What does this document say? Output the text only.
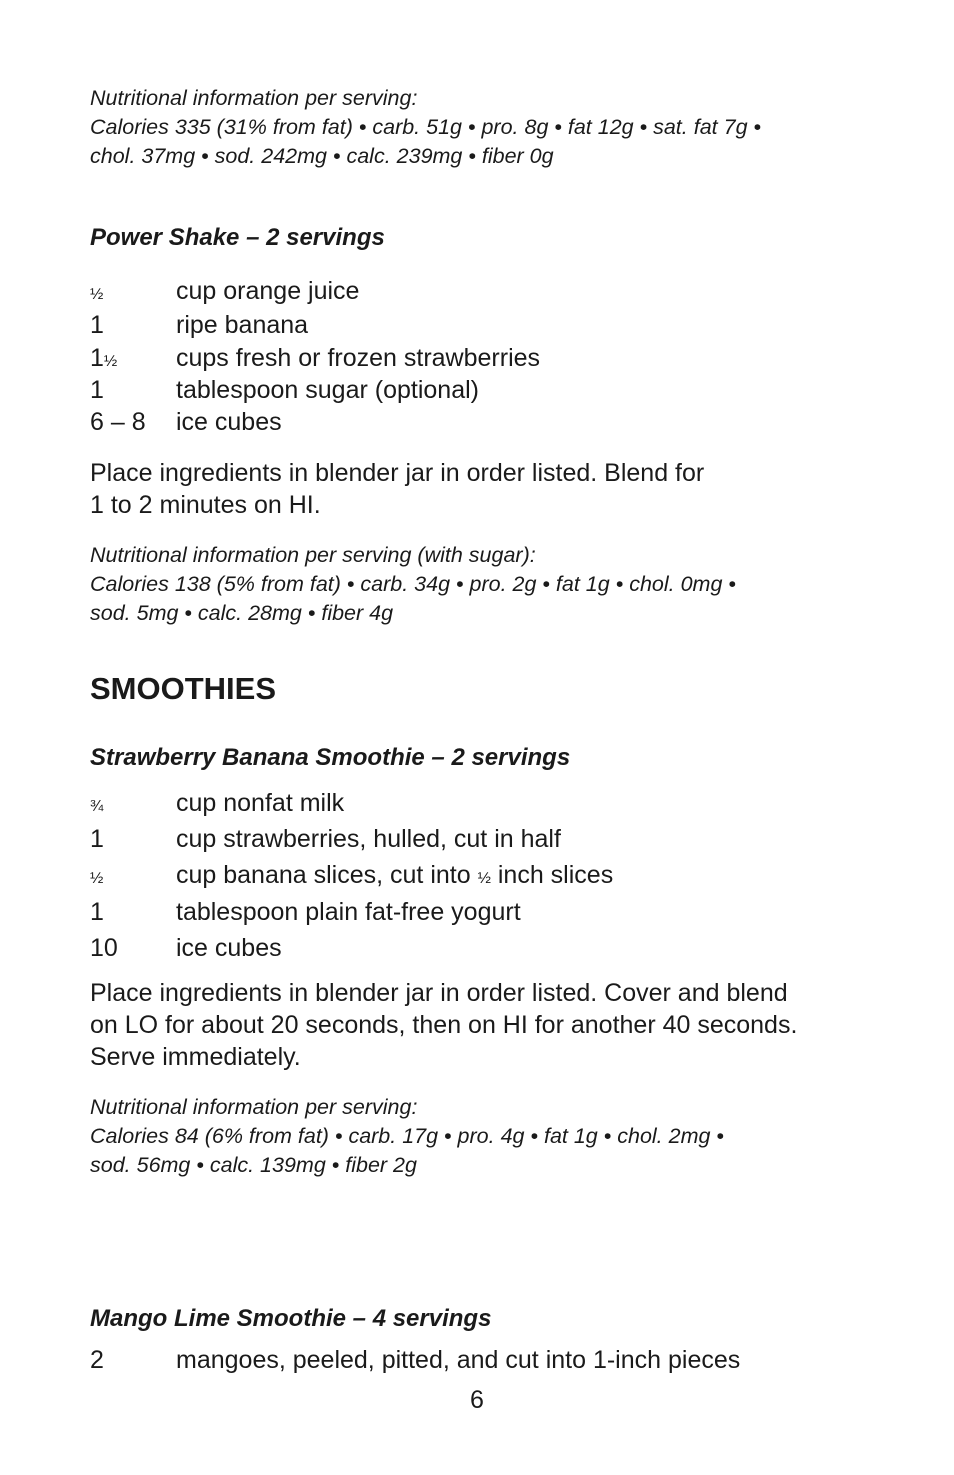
Nutritional information per serving:
Calories 335 (31% from fat) • carb. 51g • pro. 8g • fat 12g • sat. fat 7g •
chol. 37mg • sod. 242mg • calc. 239mg • fiber 0g
Power Shake – 2 servings
½	cup orange juice
1	ripe banana
1½	cups fresh or frozen strawberries
1	tablespoon sugar (optional)
6 – 8	ice cubes
Place ingredients in blender jar in order listed. Blend for
1 to 2 minutes on HI.
Nutritional information per serving (with sugar):
Calories 138 (5% from fat) • carb. 34g • pro. 2g • fat 1g • chol. 0mg •
sod. 5mg • calc. 28mg • fiber 4g
SMOOTHIES
Strawberry Banana Smoothie – 2 servings
¾	cup nonfat milk
1	cup strawberries, hulled, cut in half
½	cup banana slices, cut into ½ inch slices
1	tablespoon plain fat-free yogurt
10	ice cubes
Place ingredients in blender jar in order listed. Cover and blend
on LO for about 20 seconds, then on HI for another 40 seconds.
Serve immediately.
Nutritional information per serving:
Calories 84 (6% from fat) • carb. 17g • pro. 4g • fat 1g • chol. 2mg •
sod. 56mg • calc. 139mg • fiber 2g
Mango Lime Smoothie – 4 servings
2	mangoes, peeled, pitted, and cut into 1-inch pieces
6
